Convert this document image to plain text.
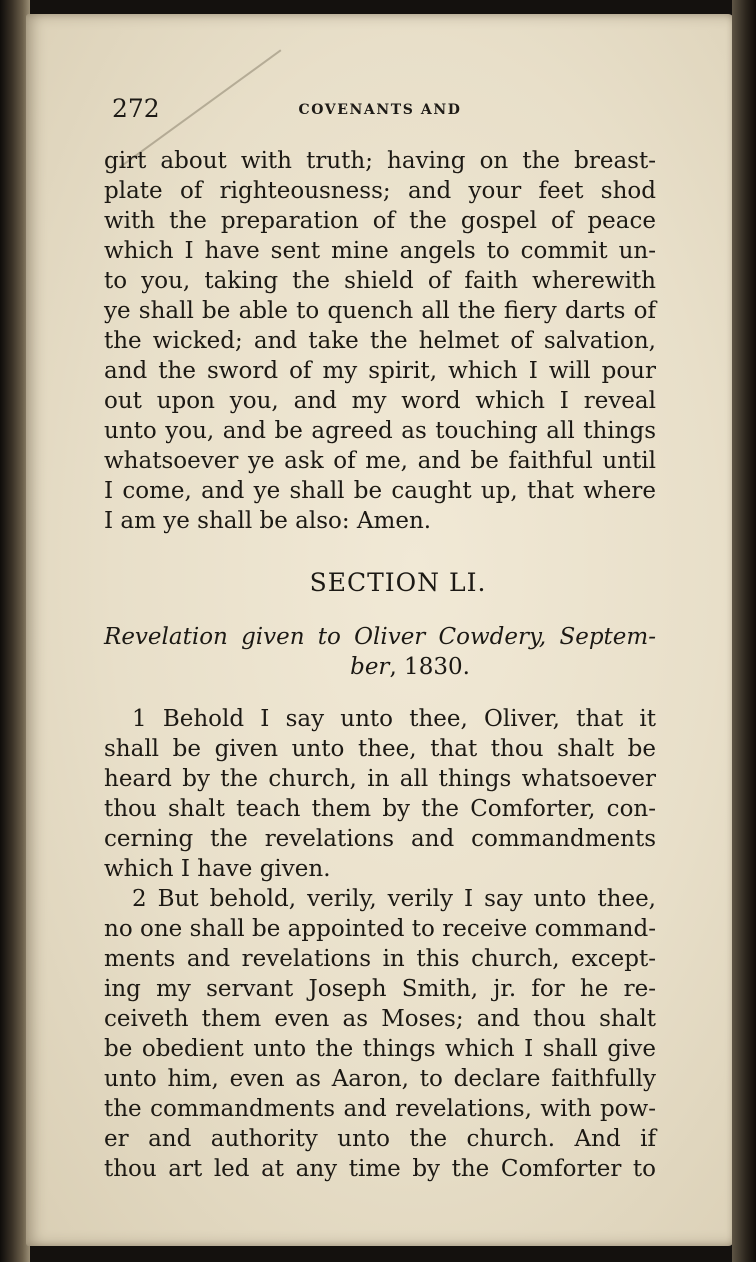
272	COVENANTS AND
girt about with truth; having on the breast-
plate of righteousness; and your feet shod
with the preparation of the gospel of peace
which I have sent mine angels to commit un-
to you, taking the shield of faith wherewith
ye shall be able to quench all the fiery darts of
the wicked; and take the helmet of salvation,
and the sword of my spirit, which I will pour
out upon you, and my word which I reveal
unto you, and be agreed as touching all things
whatsoever ye ask of me, and be faithful until
I come, and ye shall be caught up, that where
I am ye shall be also: Amen.
SECTION LI.
Revelation given to Oliver Cowdery, Septem-
ber, 1830.
1 Behold I say unto thee, Oliver, that it
shall be given unto thee, that thou shalt be
heard by the church, in all things whatsoever
thou shalt teach them by the Comforter, con-
cerning the revelations and commandments
which I have given.
2 But behold, verily, verily I say unto thee,
no one shall be appointed to receive command-
ments and revelations in this church, except-
ing my servant Joseph Smith, jr. for he re-
ceiveth them even as Moses; and thou shalt
be obedient unto the things which I shall give
unto him, even as Aaron, to declare faithfully
the commandments and revelations, with pow-
er and authority unto the church. And if
thou art led at any time by the Comforter to
